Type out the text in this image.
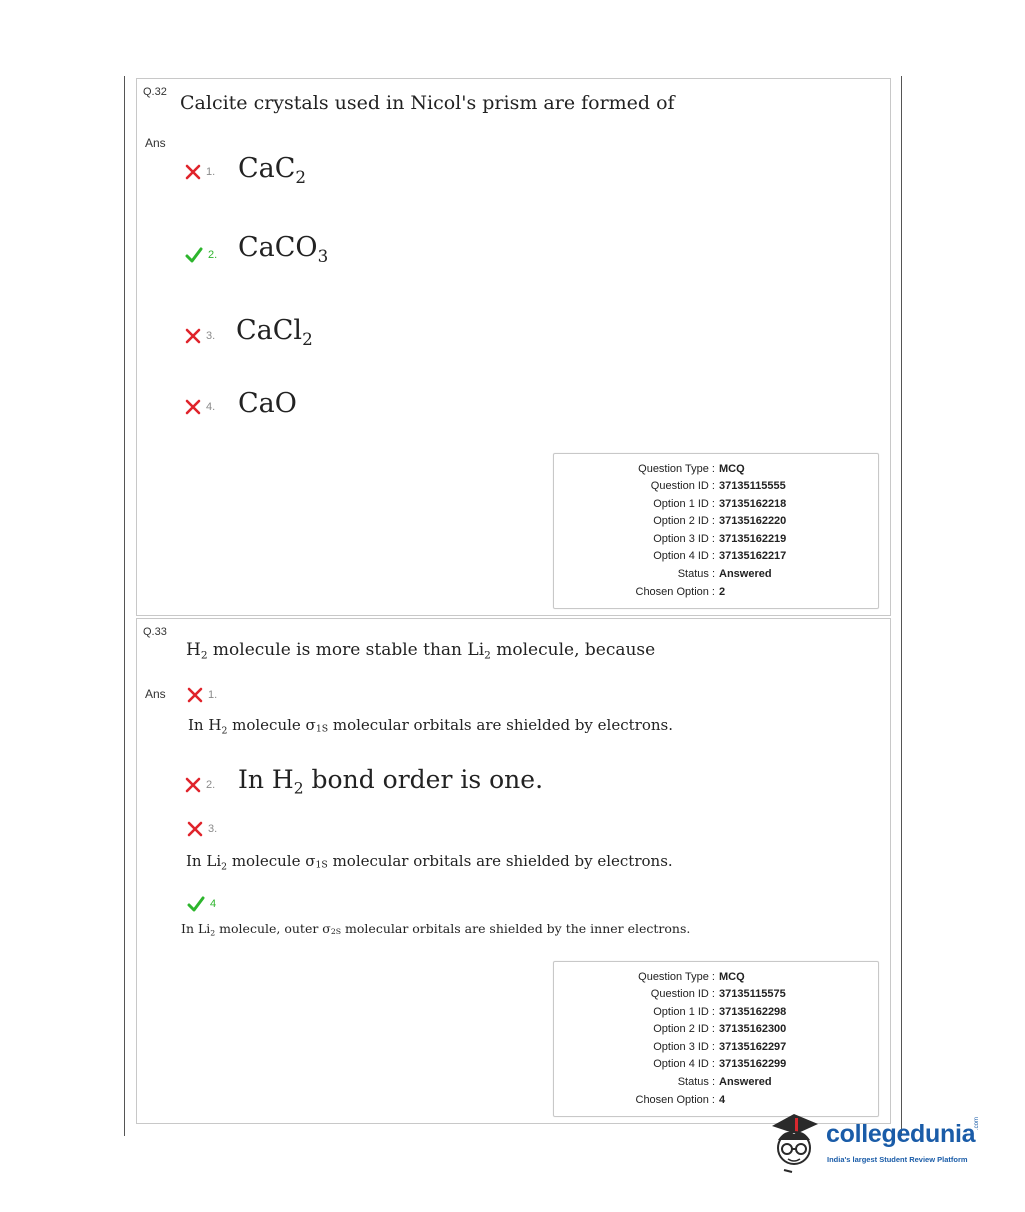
Q.32 Calcite crystals used in Nicol's prism are formed of
Ans
1. CaC$_2$
2. CaCO$_3$
3. CaCl$_2$
4. CaO
Question Type : MCQ
Question ID : 37135115555
Option 1 ID : 37135162218
Option 2 ID : 37135162220
Option 3 ID : 37135162219
Option 4 ID : 37135162217
Status : Answered
Chosen Option : 2
Q.33
$H_2$ molecule is more stable than $Li_2$ molecule, because
Ans	1.
In $H_2$ molecule σ1S molecular orbitals are shielded by electrons.
2. In $H_2$ bond order is one.
3.
In $Li_2$ molecule σ1S molecular orbitals are shielded by electrons.
4
In $Li_2$ molecule, outer σ2S molecular orbitals are shielded by the inner electrons.
Question Type : MCQ
Question ID : 37135115575
Option 1 ID : 37135162298
Option 2 ID : 37135162300
Option 3 ID : 37135162297
Option 4 ID : 37135162299
Status : Answered
Chosen Option : 4
collegedunia
.com
India's largest Student Review Platform
